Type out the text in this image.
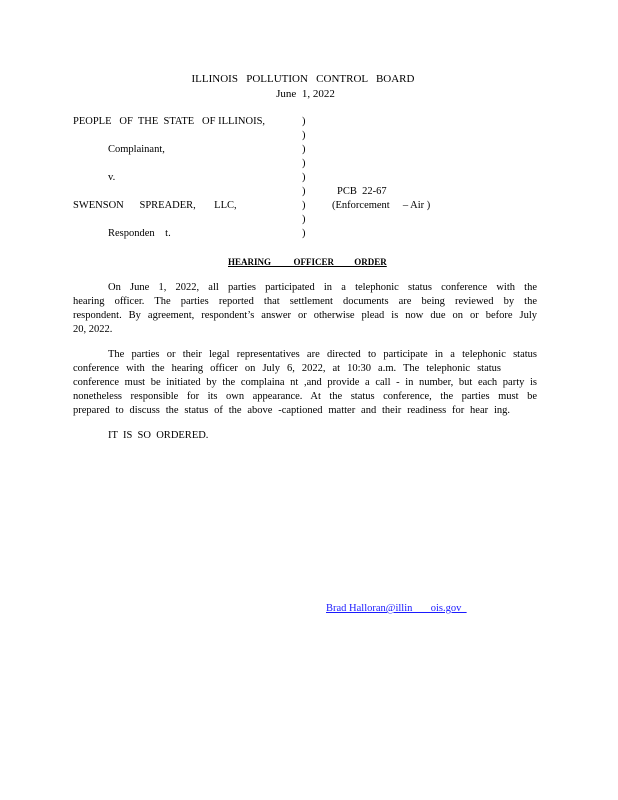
ILLINOIS   POLLUTION   CONTROL   BOARD
June  1, 2022
PEOPLE   OF  THE  STATE   OF ILLINOIS,
Complainant,
v.
SWENSON      SPREADER,       LLC,
Responden    t.
)
)
)
)
)
)
)
)
)
PCB  22-67
(Enforcement     – Air )
HEARING          OFFICER         ORDER
On June 1, 2022, all parties participated in a telephonic status conference with the
hearing officer. The parties reported that settlement documents are being reviewed by the
respondent. By agreement, respondent’s answer or otherwise plead is now due on or before July
20, 2022.
The parties or their legal representatives are directed to participate in a telephonic status
conference with the hearing officer on July 6, 2022, at 10:30 a.m. The telephonic status
conference must be initiated by the complaina nt ,and provide a call - in number, but each party is
nonetheless responsible for its own appearance. At the status conference, the parties must be
prepared to discuss the status of the above -captioned matter and their readiness for hear ing.
IT  IS  SO  ORDERED.
Brad Halloran@illin       ois.gov
